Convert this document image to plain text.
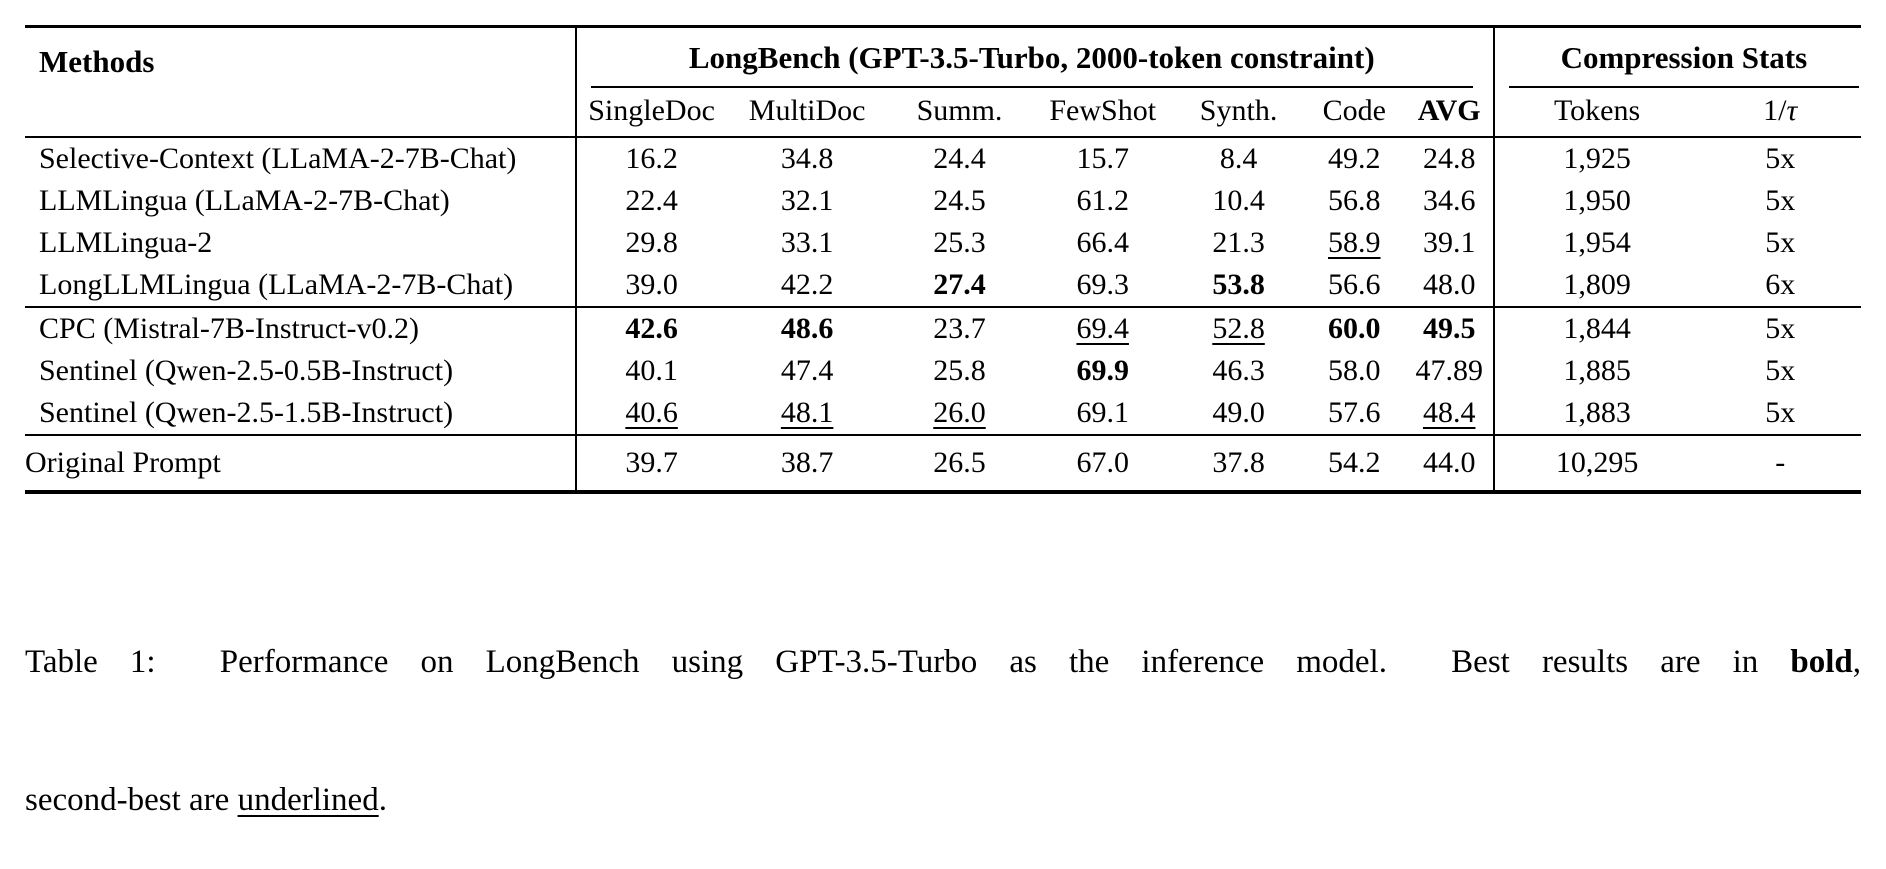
Methods	LongBench (GPT-3.5-Turbo, 2000-token constraint)							Compression Stats	

	SingleDoc	MultiDoc	Summ.	FewShot	Synth.	Code	AVG	Tokens	1/τ
Selective-Context (LLaMA-2-7B-Chat)	16.2	34.8	24.4	15.7	8.4	49.2	24.8	1,925	5x
LLMLingua (LLaMA-2-7B-Chat)	22.4	32.1	24.5	61.2	10.4	56.8	34.6	1,950	5x
LLMLingua-2	29.8	33.1	25.3	66.4	21.3	58.9	39.1	1,954	5x
LongLLMLingua (LLaMA-2-7B-Chat)	39.0	42.2	27.4	69.3	53.8	56.6	48.0	1,809	6x
CPC (Mistral-7B-Instruct-v0.2)	42.6	48.6	23.7	69.4	52.8	60.0	49.5	1,844	5x
Sentinel (Qwen-2.5-0.5B-Instruct)	40.1	47.4	25.8	69.9	46.3	58.0	47.89	1,885	5x
Sentinel (Qwen-2.5-1.5B-Instruct)	40.6	48.1	26.0	69.1	49.0	57.6	48.4	1,883	5x
Original Prompt	39.7	38.7	26.5	67.0	37.8	54.2	44.0	10,295	-

Table 1:  Performance on LongBench using GPT-3.5-Turbo as the inference model.  Best results are in bold,

second-best are underlined.
